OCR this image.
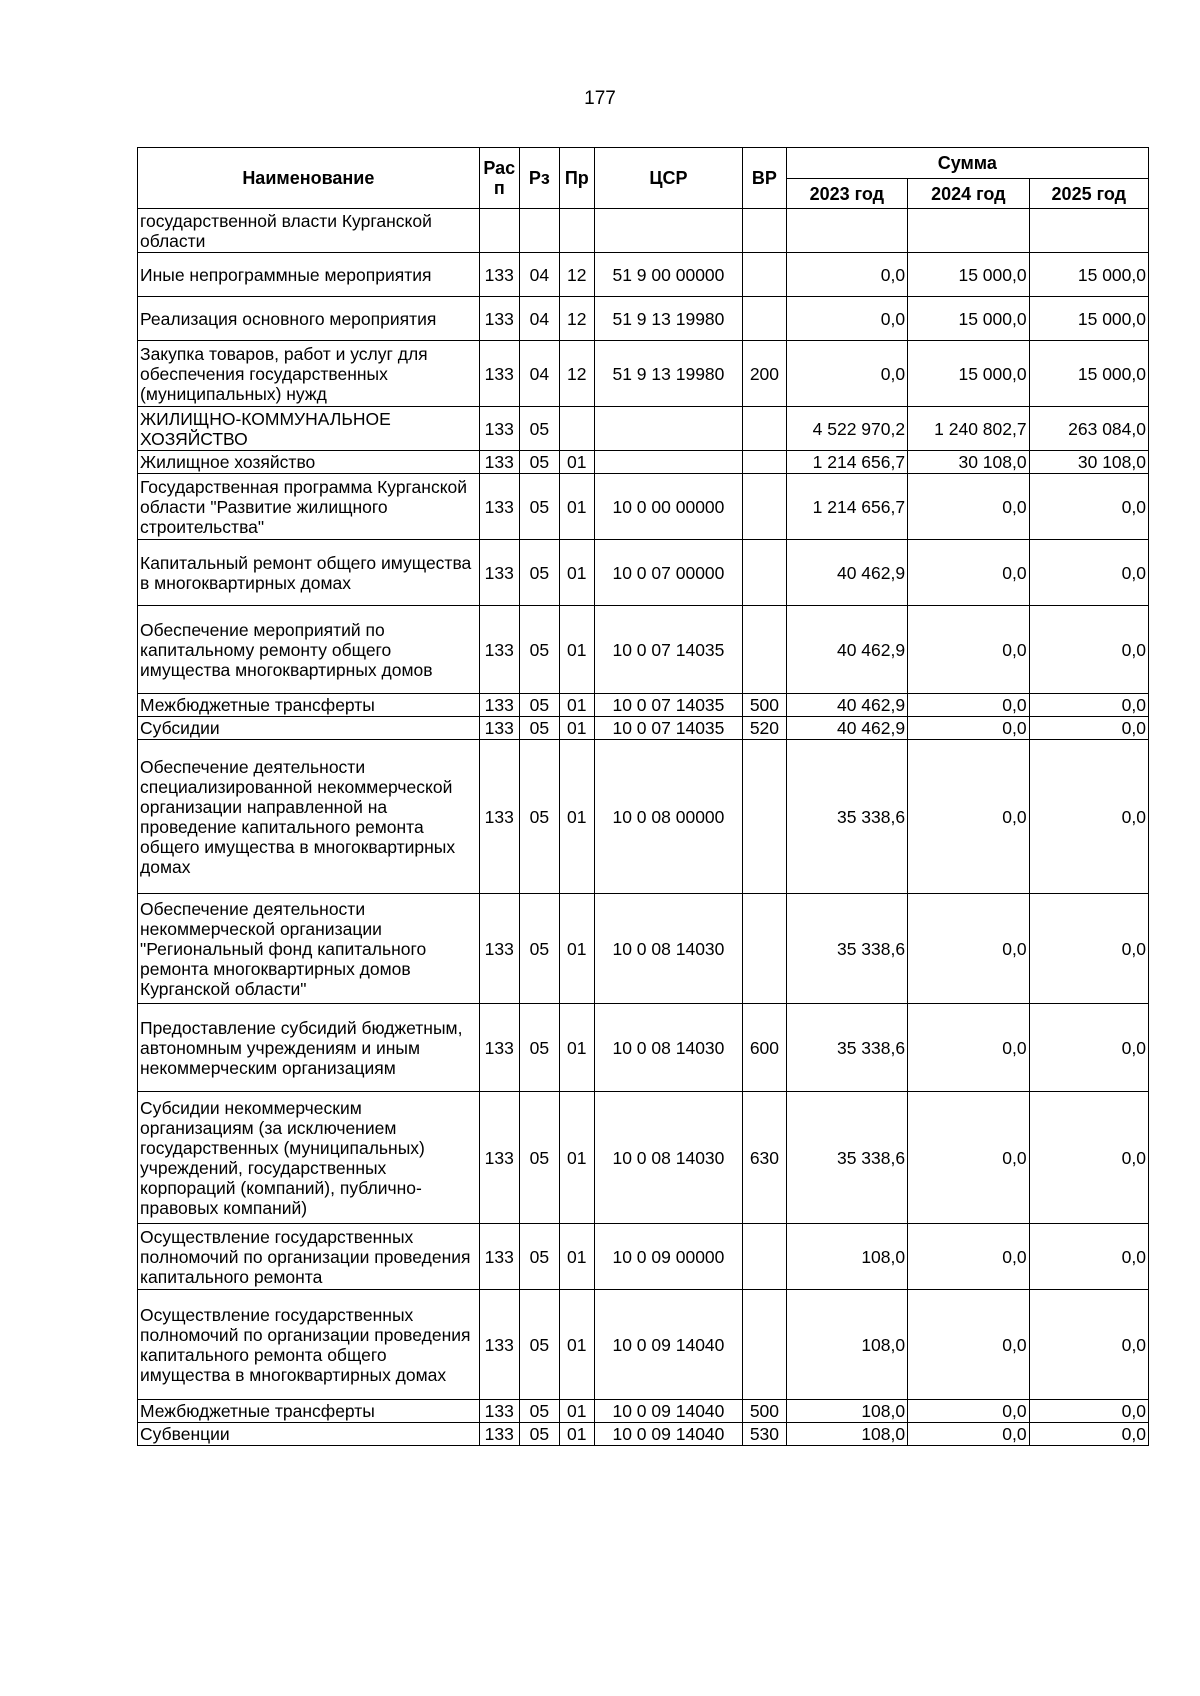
177
Наименование	Рас п	Рз	Пр	ЦСР	ВР	Сумма		
						2023 год	2024 год	2025 год
государственной власти Курганской области								
Иные непрограммные мероприятия	133	04	12	51 9 00 00000		0,0	15 000,0	15 000,0
Реализация основного мероприятия	133	04	12	51 9 13 19980		0,0	15 000,0	15 000,0
Закупка товаров, работ и услуг для обеспечения государственных (муниципальных) нужд	133	04	12	51 9 13 19980	200	0,0	15 000,0	15 000,0
ЖИЛИЩНО-КОММУНАЛЬНОЕ ХОЗЯЙСТВО	133	05				4 522 970,2	1 240 802,7	263 084,0
Жилищное хозяйство	133	05	01			1 214 656,7	30 108,0	30 108,0
Государственная программа Курганской области "Развитие жилищного строительства"	133	05	01	10 0 00 00000		1 214 656,7	0,0	0,0
Капитальный ремонт общего имущества в многоквартирных домах	133	05	01	10 0 07 00000		40 462,9	0,0	0,0
Обеспечение мероприятий по капитальному ремонту общего имущества многоквартирных домов	133	05	01	10 0 07 14035		40 462,9	0,0	0,0
Межбюджетные трансферты	133	05	01	10 0 07 14035	500	40 462,9	0,0	0,0
Субсидии	133	05	01	10 0 07 14035	520	40 462,9	0,0	0,0
Обеспечение деятельности специализированной некоммерческой организации направленной на проведение капитального ремонта общего имущества в многоквартирных домах	133	05	01	10 0 08 00000		35 338,6	0,0	0,0
Обеспечение деятельности некоммерческой организации "Региональный фонд капитального ремонта многоквартирных домов Курганской области"	133	05	01	10 0 08 14030		35 338,6	0,0	0,0
Предоставление субсидий бюджетным, автономным учреждениям и иным некоммерческим организациям	133	05	01	10 0 08 14030	600	35 338,6	0,0	0,0
Субсидии некоммерческим организациям (за исключением государственных (муниципальных) учреждений, государственных корпораций (компаний), публично-правовых компаний)	133	05	01	10 0 08 14030	630	35 338,6	0,0	0,0
Осуществление государственных полномочий по организации проведения капитального ремонта	133	05	01	10 0 09 00000		108,0	0,0	0,0
Осуществление государственных полномочий по организации проведения капитального ремонта общего имущества в многоквартирных домах	133	05	01	10 0 09 14040		108,0	0,0	0,0
Межбюджетные трансферты	133	05	01	10 0 09 14040	500	108,0	0,0	0,0
Субвенции	133	05	01	10 0 09 14040	530	108,0	0,0	0,0
